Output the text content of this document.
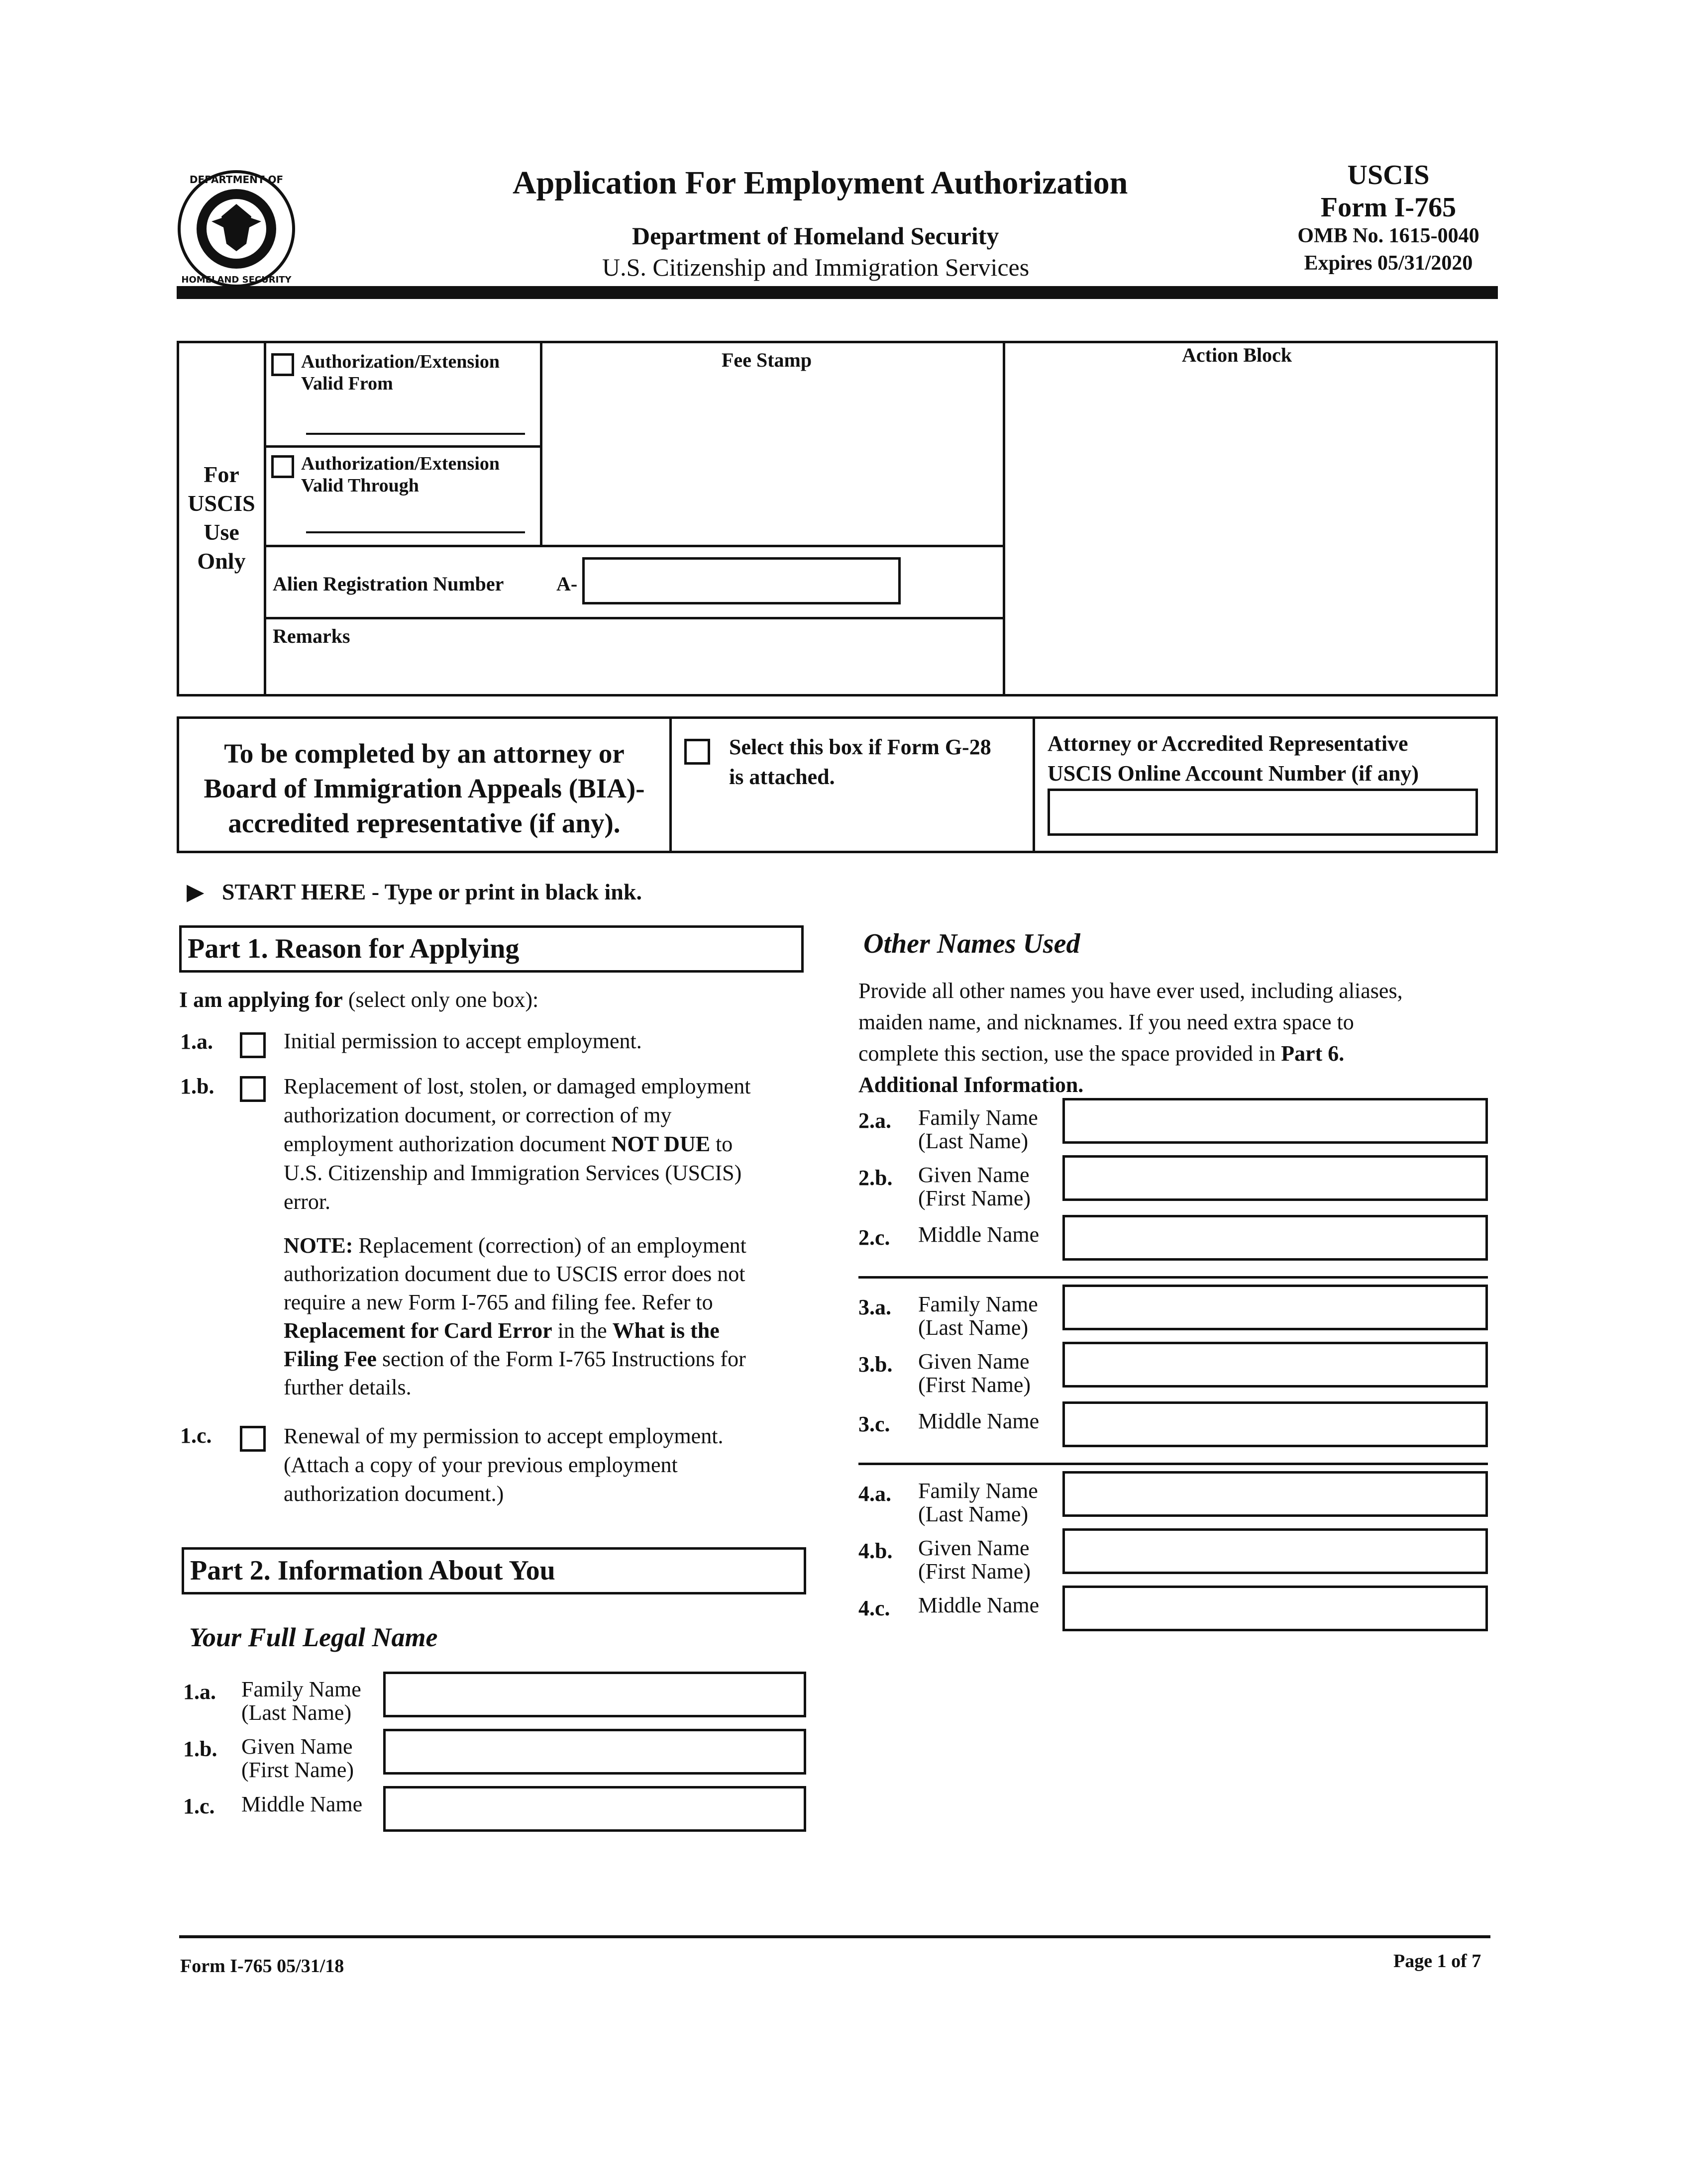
DEPARTMENT OF
HOMELAND SECURITY
Application For Employment Authorization
Department of Homeland Security
U.S. Citizenship and Immigration Services
USCIS
Form I-765
OMB No. 1615-0040
Expires 05/31/2020
For
USCIS
Use
Only
Authorization/Extension
Valid From
Authorization/Extension
Valid Through
Fee Stamp	Action Block
Alien Registration Number	A-
Remarks
To be completed by an attorney or
Board of Immigration Appeals (BIA)-
accredited representative (if any).
Select this box if Form G-28
is attached.
Attorney or Accredited Representative
USCIS Online Account Number (if any)
▶ START HERE - Type or print in black ink.
Part 1. Reason for Applying
I am applying for (select only one box):
1.a.	Initial permission to accept employment.
1.b.	Replacement of lost, stolen, or damaged employment
authorization document, or correction of my
employment authorization document NOT DUE to
U.S. Citizenship and Immigration Services (USCIS)
error.
NOTE: Replacement (correction) of an employment
authorization document due to USCIS error does not
require a new Form I-765 and filing fee. Refer to
Replacement for Card Error in the What is the
Filing Fee section of the Form I-765 Instructions for
further details.
1.c.	Renewal of my permission to accept employment.
(Attach a copy of your previous employment
authorization document.)
Part 2. Information About You
Your Full Legal Name
1.a. Family Name
(Last Name)
1.b. Given Name
(First Name)
1.c. Middle Name
Other Names Used
Provide all other names you have ever used, including aliases,
maiden name, and nicknames. If you need extra space to
complete this section, use the space provided in Part 6.
Additional Information.
2.a. Family Name
(Last Name)
2.b. Given Name
(First Name)
2.c. Middle Name
3.a. Family Name
(Last Name)
3.b. Given Name
(First Name)
3.c. Middle Name
4.a. Family Name
(Last Name)
4.b. Given Name
(First Name)
4.c. Middle Name
Form I-765 05/31/18	Page 1 of 7
